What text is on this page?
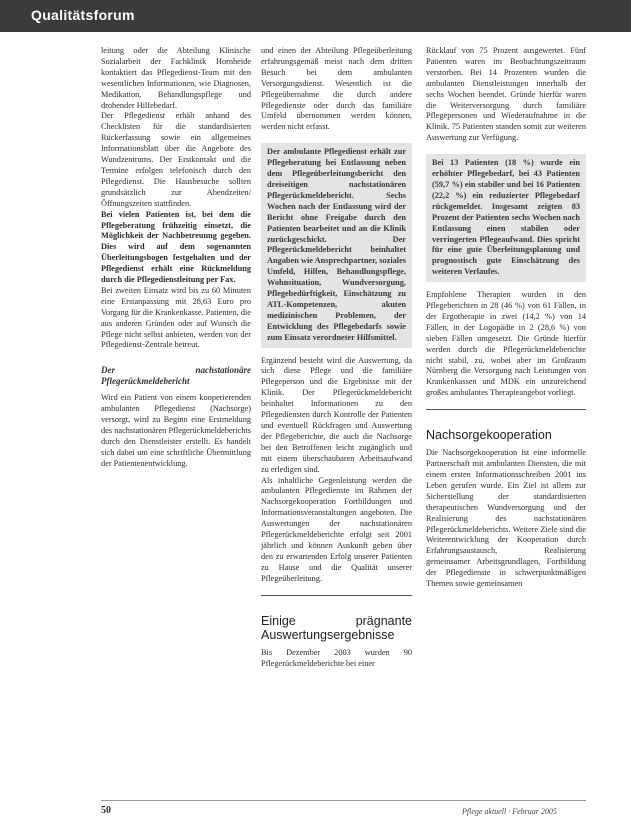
Qualitätsforum

leitung oder die Abteilung Klinische Sozialarbeit der Fachklinik Hornheide kontaktiert das Pflegedienst-Team mit den wesentlichen Informationen, wie Diagnosen, Medikation, Behandlungspflege und drohender Hilfebedarf.

Der Pflegedienst erhält anhand des Checklisten für die standardisierten Rückerfassung sowie ein allgemeines Informationsblatt über die Angebote des Wundzentrums. Der Erstkontakt und die Termine erfolgen telefonisch durch den Pflegedienst. Die Hausbesuche sollten grundsätzlich zur Abendzeiten/Öffnungszeiten stattfinden.

Bei vielen Patienten ist, bei dem die Pflegeberatung frühzeitig einsetzt, die Möglichkeit der Nachbetreuung gegeben. Dies wird auf dem sogenannten Überleitungsbogen festgehalten und der Pflegedienst erhält eine Rückmeldung durch die Pflegedienstleitung per Fax.

Bei zweiten Einsatz wird bis zu 60 Minuten eine Erstanpassung mit 28,63 Euro pro Vorgang für die Krankenkasse. Patienten, die aus anderen Gründen oder auf Wunsch die Pflege nicht selbst anbieten, werden von der Pflegedienst-Zentrale betreut.

Der nachstationäre Pflegerückmeldebericht

Wird ein Patient von einem kooperierenden ambulanten Pflegedienst (Nachsorge) versorgt, wird zu Beginn eine Erstmeldung des nachstationären Pflegerückmeldeberichts durch den Dienstleister erstellt. Es handelt sich dabei um eine schriftliche Übermittlung der Patientenentwicklung.

und einen der Abteilung Pflegeüberleitung erfahrungsgemäß meist nach dem dritten Besuch bei dem ambulanten Versorgungsdienst. Wesentlich ist die Pflegeübernahme die durch andere Pflegedienste oder durch das familiäre Umfeld übernommen werden können, werden nicht erfasst.

Der ambulante Pflegedienst erhält zur Pflegeberatung bei Entlassung neben dem Pflegeüberleitungsbericht den dreiseitigen nachstationären Pflegerückmeldebericht. Sechs Wochen nach der Entlassung wird der Bericht ohne Freigabe durch den Patienten bearbeitet und an die Klinik zurückgeschickt. Der Pflegerückmeldebericht beinhaltet Angaben wie Ansprechpartner, soziales Umfeld, Hilfen, Behandlungspflege, Wohnsituation, Wundversorgung, Pflegebedürftigkeit, Einschätzung zu ATL-Kompetenzen, akuten medizinischen Problemen, der Entwicklung des Pflegebedarfs sowie zum Einsatz verordneter Hilfsmittel.

Ergänzend besteht wird die Auswertung, da sich diese Pflege und die familiäre Pflegeperson und die Ergebnisse mit der Klinik. Der Pflegerückmeldebericht beinhaltet Informationen zu den Pflegediensten durch Kontrolle der Patienten und eventuell Rückfragen und Auswertung der Pflegeberichte, die auch die Nachsorge bei den Betroffenen leicht zugänglich und mit einem überschaubaren Arbeitsaufwand zu erledigen sind.

Als inhaltliche Gegenleistung werden die ambulanten Pflegedienste im Rahmen der Nachsorgekooperation Fortbildungen und Informationsveranstaltungen angeboten. Die Auswertungen der nachstationären Pflegerückmeldeberichte erfolgt seit 2001 jährlich und können Auskunft geben über den zu erwartenden Erfolg unserer Patienten zu Hause und die Qualität unserer Pflegeüberleitung.

Einige prägnante Auswertungsergebnisse

Bis Dezember 2003 wurden 90 Pflegerückmeldeberichte bei einer

Rücklauf von 75 Prozent ausgewertet. Fünf Patienten waren im Beobachtungszeitraum verstorben. Bei 14 Prozenten wurden die ambulanten Dienstleistungen innerhalb der sechs Wochen beendet. Gründe hierfür waren die Weiterversorgung durch familiäre Pflegepersonen und Wiederaufnahme in die Klinik. 75 Patienten standen somit zur weiteren Auswertung zur Verfügung.

Bei 13 Patienten (18 %) wurde ein erhöhter Pflegebedarf, bei 43 Patienten (59,7 %) ein stabiler und bei 16 Patienten (22,2 %) ein reduzierter Pflegebedarf rückgemeldet. Insgesamt zeigten 83 Prozent der Patienten sechs Wochen nach Entlassung einen stabilen oder verringerten Pflegeaufwand. Dies spricht für eine gute Überleitungsplanung und prognostisch gute Einschätzung des weiteren Verlaufes.

Empfohlene Therapien wurden in den Pflegeberichten in 28 (46 %) von 61 Fällen, in der Ergotherapie in zwei (14,2 %) von 14 Fällen, in der Logopädie in 2 (28,6 %) von sieben Fällen umgesetzt. Die Gründe hierfür werden durch die Pflegerückmeldeberichte nicht stabil, zu, wobei aber im Großraum Nürnberg die Versorgung nach Leistungen von Krankenkassen und MDK ein unzureichend großes ambulantes Therapieangebot vorliegt.

Nachsorgekooperation

Die Nachsorgekooperation ist eine informelle Partnerschaft mit ambulanten Diensten, die mit einem ersten Informationsschreiben 2001 ins Leben gerufen wurde. Ein Ziel ist allem zur Sicherstellung der standardisierten therapeutischen Wundversorgung und der Realisierung des nachstationären Pflegerückmeldeberichts. Weitere Ziele sind die Weiterentwicklung der Kooperation durch Erfahrungsaustausch, Realisierung gemeinsamer Arbeitsgrundlagen, Fortbildung der Pflegedienste in schwerpunktmäßigen Themen sowie gemeinsamen

50	Pflege aktuell · Februar 2005
